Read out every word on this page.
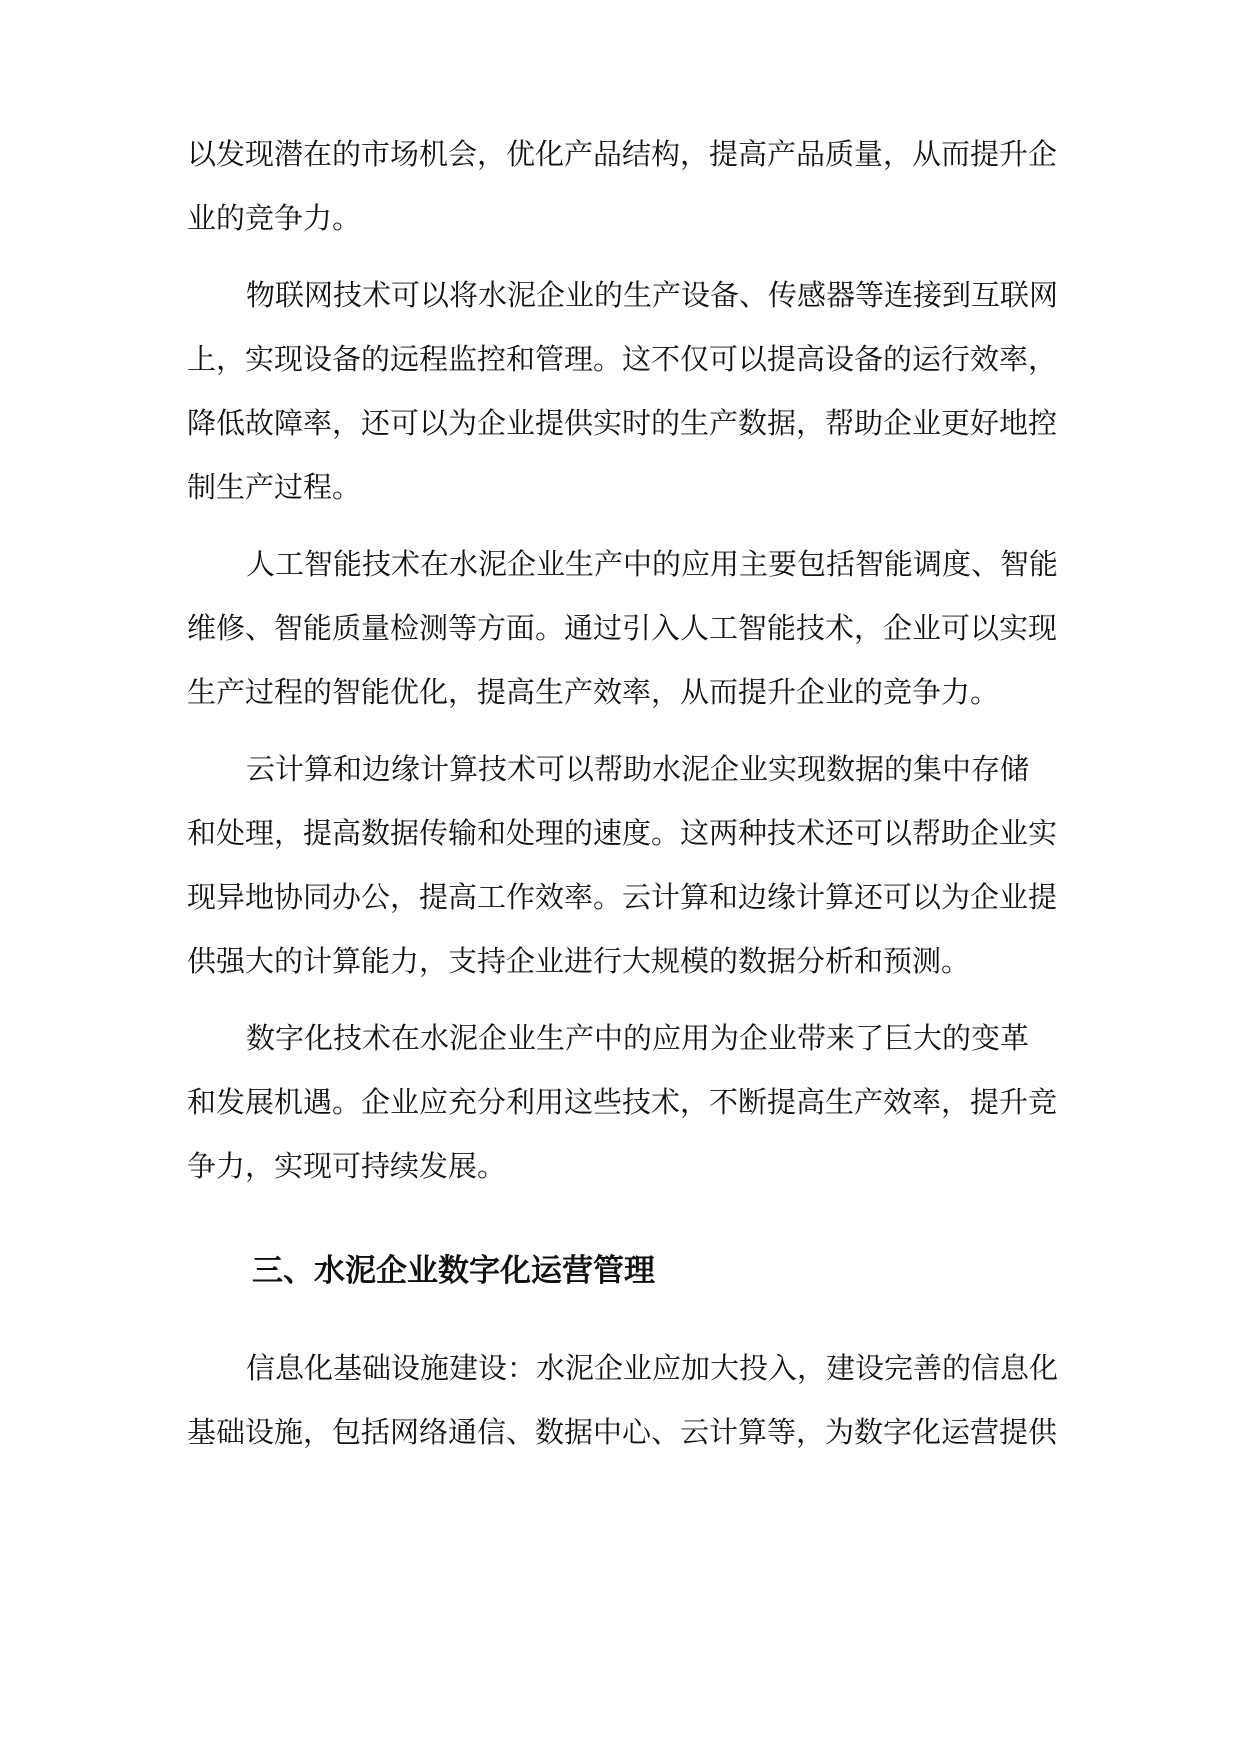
以发现潜在的市场机会，优化产品结构，提高产品质量，从而提升企
业的竞争力。
物联网技术可以将水泥企业的生产设备、传感器等连接到互联网
上，实现设备的远程监控和管理。这不仅可以提高设备的运行效率，
降低故障率，还可以为企业提供实时的生产数据，帮助企业更好地控
制生产过程。
人工智能技术在水泥企业生产中的应用主要包括智能调度、智能
维修、智能质量检测等方面。通过引入人工智能技术，企业可以实现
生产过程的智能优化，提高生产效率，从而提升企业的竞争力。
云计算和边缘计算技术可以帮助水泥企业实现数据的集中存储
和处理，提高数据传输和处理的速度。这两种技术还可以帮助企业实
现异地协同办公，提高工作效率。云计算和边缘计算还可以为企业提
供强大的计算能力，支持企业进行大规模的数据分析和预测。
数字化技术在水泥企业生产中的应用为企业带来了巨大的变革
和发展机遇。企业应充分利用这些技术，不断提高生产效率，提升竞
争力，实现可持续发展。
三、水泥企业数字化运营管理
信息化基础设施建设：水泥企业应加大投入，建设完善的信息化
基础设施，包括网络通信、数据中心、云计算等，为数字化运营提供
